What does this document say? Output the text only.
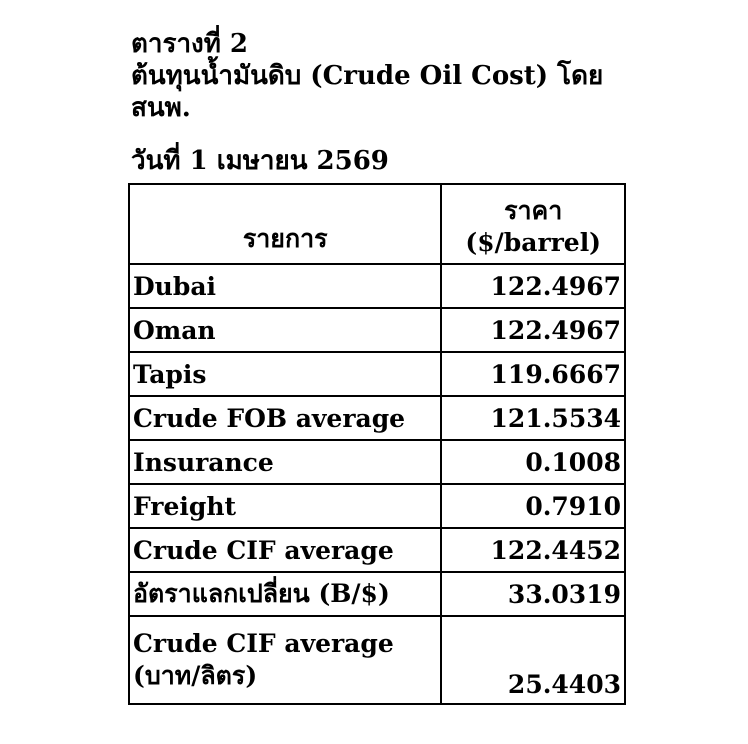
ตารางที่ 2
ต้นทุนน้ำมันดิบ (Crude Oil Cost) โดย
สนพ.
วันที่ 1 เมษายน 2569
รายการ	ราคา
($/barrel)

Dubai	122.4967
Oman	122.4967
Tapis	119.6667
Crude FOB average	121.5534
Insurance	0.1008
Freight	0.7910
Crude CIF average	122.4452
อัตราแลกเปลี่ยน (B/$)	33.0319

Crude CIF average
(บาท/ลิตร)	25.4403
